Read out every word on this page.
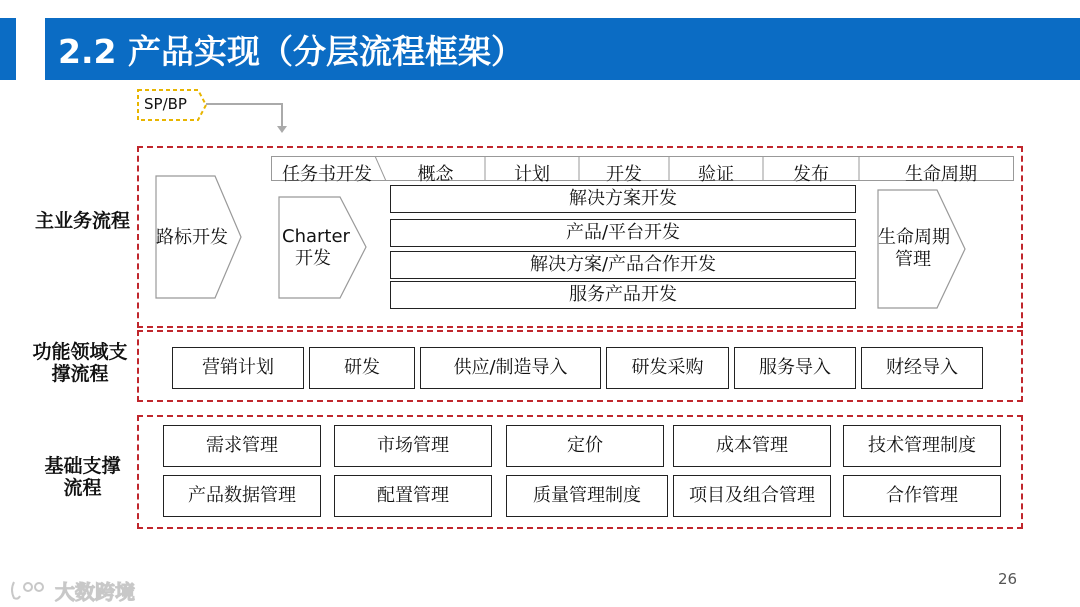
2.2 产品实现（分层流程框架）
SP/BP
主业务流程
功能领域支
撑流程
基础支撑
流程
路标开发	Charter
开发
生命周期
管理
任务书开发	概念	计划	开发	验证	发布	生命周期
解决方案开发
产品/平台开发
解决方案/产品合作开发
服务产品开发
营销计划	研发	供应/制造导入	研发采购	服务导入	财经导入
需求管理	市场管理	定价	成本管理	技术管理制度
产品数据管理	配置管理	质量管理制度	项目及组合管理	合作管理
26
大数跨境
